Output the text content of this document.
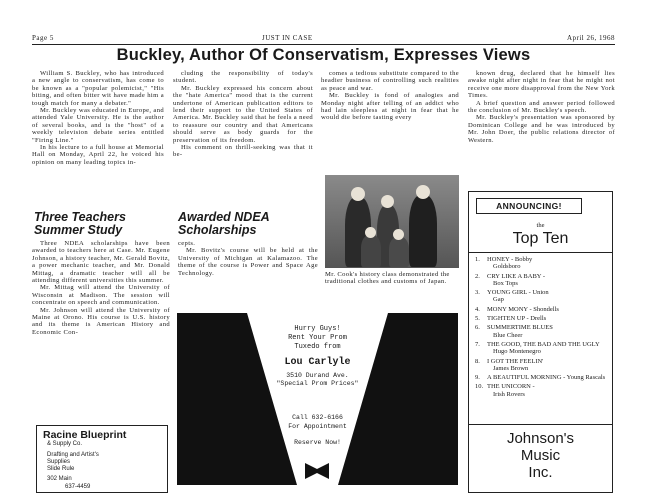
Page 5	JUST IN CASE	April 26, 1968
Buckley, Author Of Conservatism, Expresses Views

William S. Buckley, who has introduced a new angle to conservatism, has come to be known as a "popular polemicist," "His biting, and often bitter wit have made him a tough match for many a debater."

Mr. Buckley was educated in Europe, and attended Yale University. He is the author of several books, and is the "host" of a weekly television debate series entitled "Firing Line."

In his lecture to a full house at Memorial Hall on Monday, April 22, he voiced his opinion on many leading topics in-

cluding the responsibility of today's student.

Mr. Buckley expressed his concern about the "hate America" mood that is the current undertone of American publication editors to lend their support to the United States of America. Mr. Buckley said that he feels a need to reassure our country and that Americans should serve as body guards for the preservation of its freedom.

His comment on thrill-seeking was that it be-

comes a tedious substitute compared to the headier business of controlling such realities as peace and war.

Mr. Buckley is fond of analogies and Monday night after telling of an addict who had lain sleepless at night in fear that he would die before tasting every

known drug, declared that he himself lies awake night after night in fear that he might not receive one more disapproval from the New York Times.

A brief question and answer period followed the conclusion of Mr. Buckley's speech.

Mr. Buckley's presentation was sponsored by Dominican College and he was introduced by Mr. John Doer, the public relations director of Western.

Three Teachers
Summer Study
Awarded NDEA
Scholarships

Three NDEA scholarships have been awarded to teachers here at Case. Mr. Eugene Johnson, a history teacher, Mr. Gerald Bovitz, a power mechanic teacher, and Mr. Donald Mittag, a dramatic teacher will all be attending different universities this summer.

Mr. Mittag will attend the University of Wisconsin at Madison. The session will concentrate on speech and communication.

Mr. Johnson will attend the University of Maine at Orono. His course is U.S. history and its theme is American History and Economic Con-

cepts.

Mr. Bovitz's course will be held at the University of Michigan at Kalamazoo. The theme of the course is Power and Space Age Technology.	Mr. Cook's history class demonstrated the traditional clothes and customs of Japan.
Racine Blueprint
& Supply Co.
Drafting and Artist's
Supplies
Slide Rule
302 Main
637-4459
Hurry Guys!
Rent Your Prom
Tuxedo from
Lou Carlyle
3510 Durand Ave.
"Special Prom Prices"
Call 632-6166
For Appointment
Reserve Now!
ANNOUNCING!
the
Top Ten
1.	HONEY - Bobby
Goldsboro
2.	CRY LIKE A BABY -
Box Tops
3.	YOUNG GIRL - Union
Gap
4.	MONY MONY - Shondells
5.	TIGHTEN UP - Drells
6.	SUMMERTIME BLUES
Blue Cheer
7.	THE GOOD, THE BAD AND THE UGLY
Hugo Montenegro
8.	I GOT THE FEELIN'
James Brown
9.	A BEAUTIFUL MORNING - Young Rascals
10. THE UNICORN -
Irish Rovers
Johnson's
Music
Inc.
